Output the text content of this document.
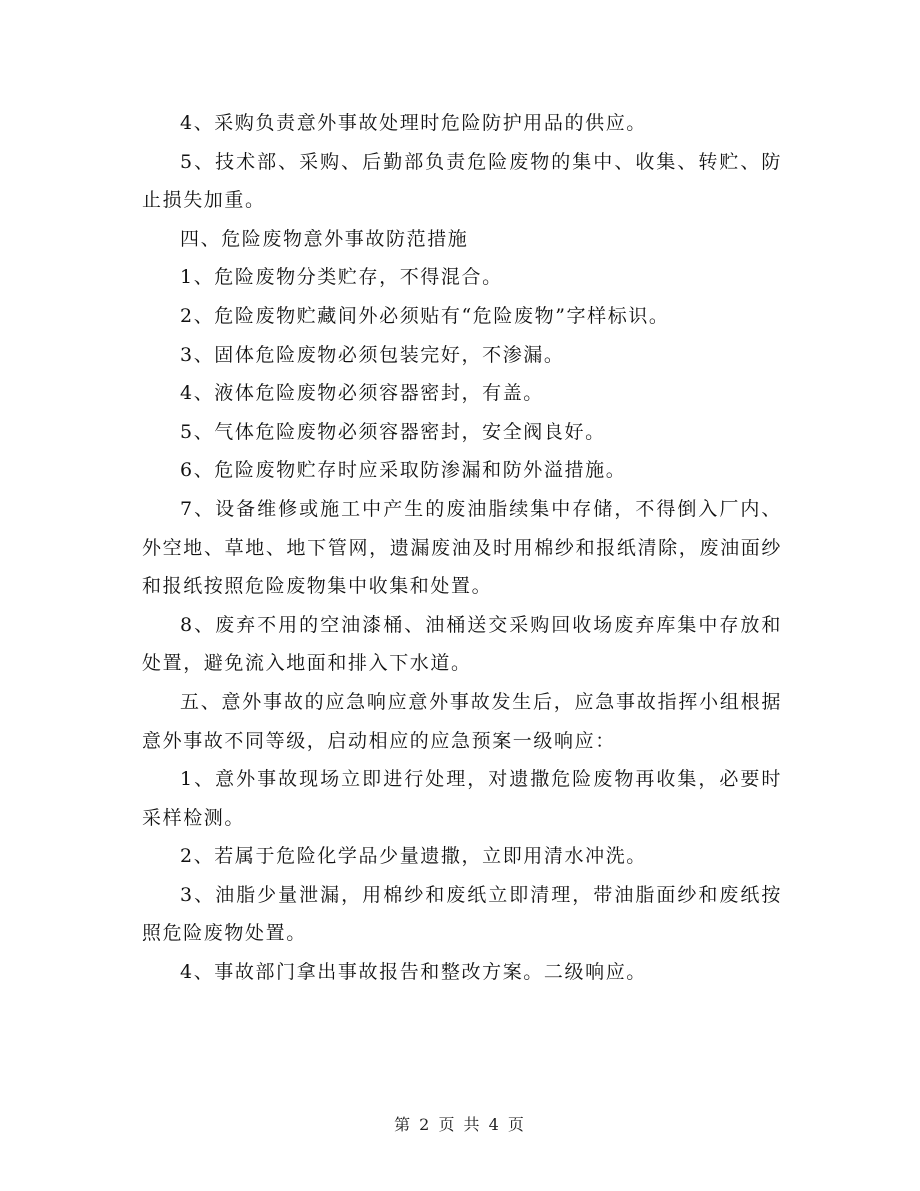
4、采购负责意外事故处理时危险防护用品的供应。

5、技术部、采购、后勤部负责危险废物的集中、收集、转贮、防止损失加重。

四、危险废物意外事故防范措施

1、危险废物分类贮存，不得混合。

2、危险废物贮藏间外必须贴有“危险废物”字样标识。

3、固体危险废物必须包装完好，不渗漏。

4、液体危险废物必须容器密封，有盖。

5、气体危险废物必须容器密封，安全阀良好。

6、危险废物贮存时应采取防渗漏和防外溢措施。

7、设备维修或施工中产生的废油脂续集中存储，不得倒入厂内、外空地、草地、地下管网，遗漏废油及时用棉纱和报纸清除，废油面纱和报纸按照危险废物集中收集和处置。

8、废弃不用的空油漆桶、油桶送交采购回收场废弃库集中存放和处置，避免流入地面和排入下水道。

五、意外事故的应急响应意外事故发生后，应急事故指挥小组根据意外事故不同等级，启动相应的应急预案一级响应：

1、意外事故现场立即进行处理，对遗撒危险废物再收集，必要时采样检测。

2、若属于危险化学品少量遗撒，立即用清水冲洗。

3、油脂少量泄漏，用棉纱和废纸立即清理，带油脂面纱和废纸按照危险废物处置。

4、事故部门拿出事故报告和整改方案。二级响应。

第 2 页 共 4 页
